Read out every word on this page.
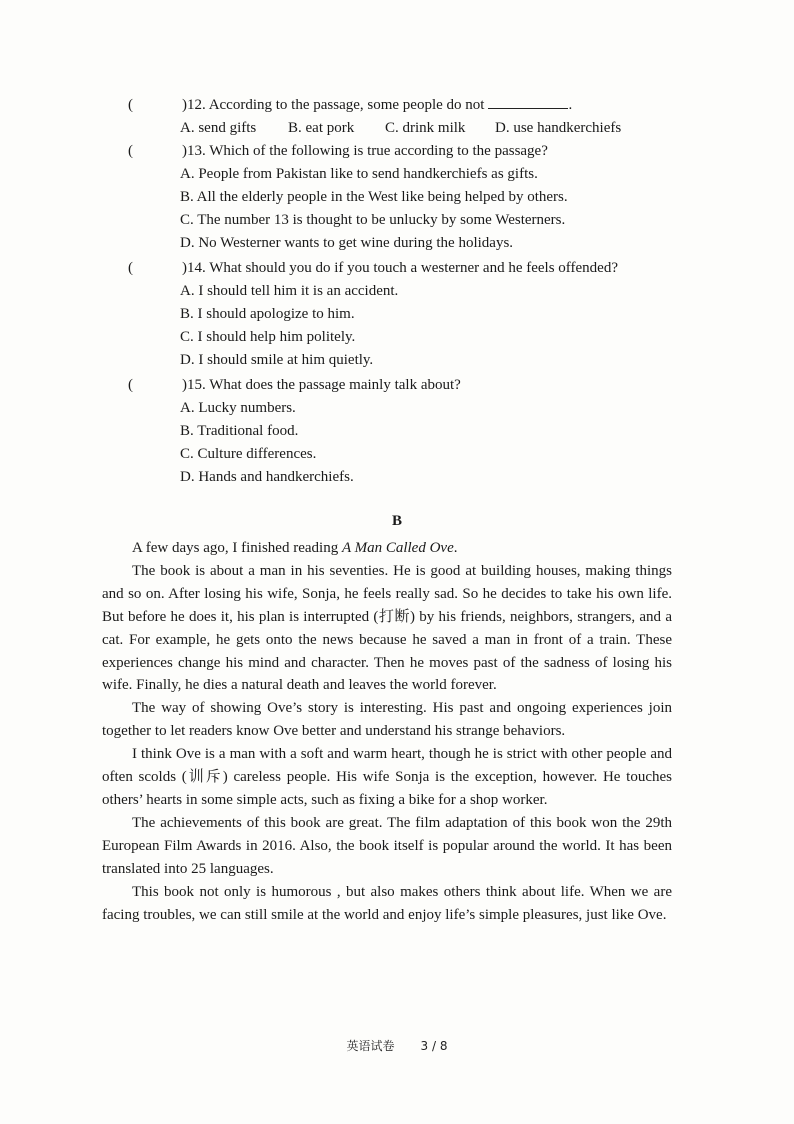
(	)12. According to the passage, some people do not	.
A. send gifts	B. eat pork	C. drink milk	D. use handkerchiefs
(	)13. Which of the following is true according to the passage?
A. People from Pakistan like to send handkerchiefs as gifts.
B. All the elderly people in the West like being helped by others.
C. The number 13 is thought to be unlucky by some Westerners.
D. No Westerner wants to get wine during the holidays.
(	)14. What should you do if you touch a westerner and he feels offended?
A. I should tell him it is an accident.
B. I should apologize to him.
C. I should help him politely.
D. I should smile at him quietly.
(	)15. What does the passage mainly talk about?
A. Lucky numbers.
B. Traditional food.
C. Culture differences.
D. Hands and handkerchiefs.
B

A few days ago, I finished reading A Man Called Ove.

The book is about a man in his seventies. He is good at building houses, making things and so on. After losing his wife, Sonja, he feels really sad. So he decides to take his own life. But before he does it, his plan is interrupted (打断) by his friends, neighbors, strangers, and a cat. For example, he gets onto the news because he saved a man in front of a train. These experiences change his mind and character. Then he moves past of the sadness of losing his wife. Finally, he dies a natural death and leaves the world forever.

The way of showing Ove’s story is interesting. His past and ongoing experiences join together to let readers know Ove better and understand his strange behaviors.

I think Ove is a man with a soft and warm heart, though he is strict with other people and often scolds (训斥) careless people. His wife Sonja is the exception, however. He touches others’ hearts in some simple acts, such as fixing a bike for a shop worker.

The achievements of this book are great. The film adaptation of this book won the 29th European Film Awards in 2016. Also, the book itself is popular around the world. It has been translated into 25 languages.

This book not only is humorous , but also makes others think about life. When we are facing troubles, we can still smile at the world and enjoy life’s simple pleasures, just like Ove.

英语试卷 3 / 8
